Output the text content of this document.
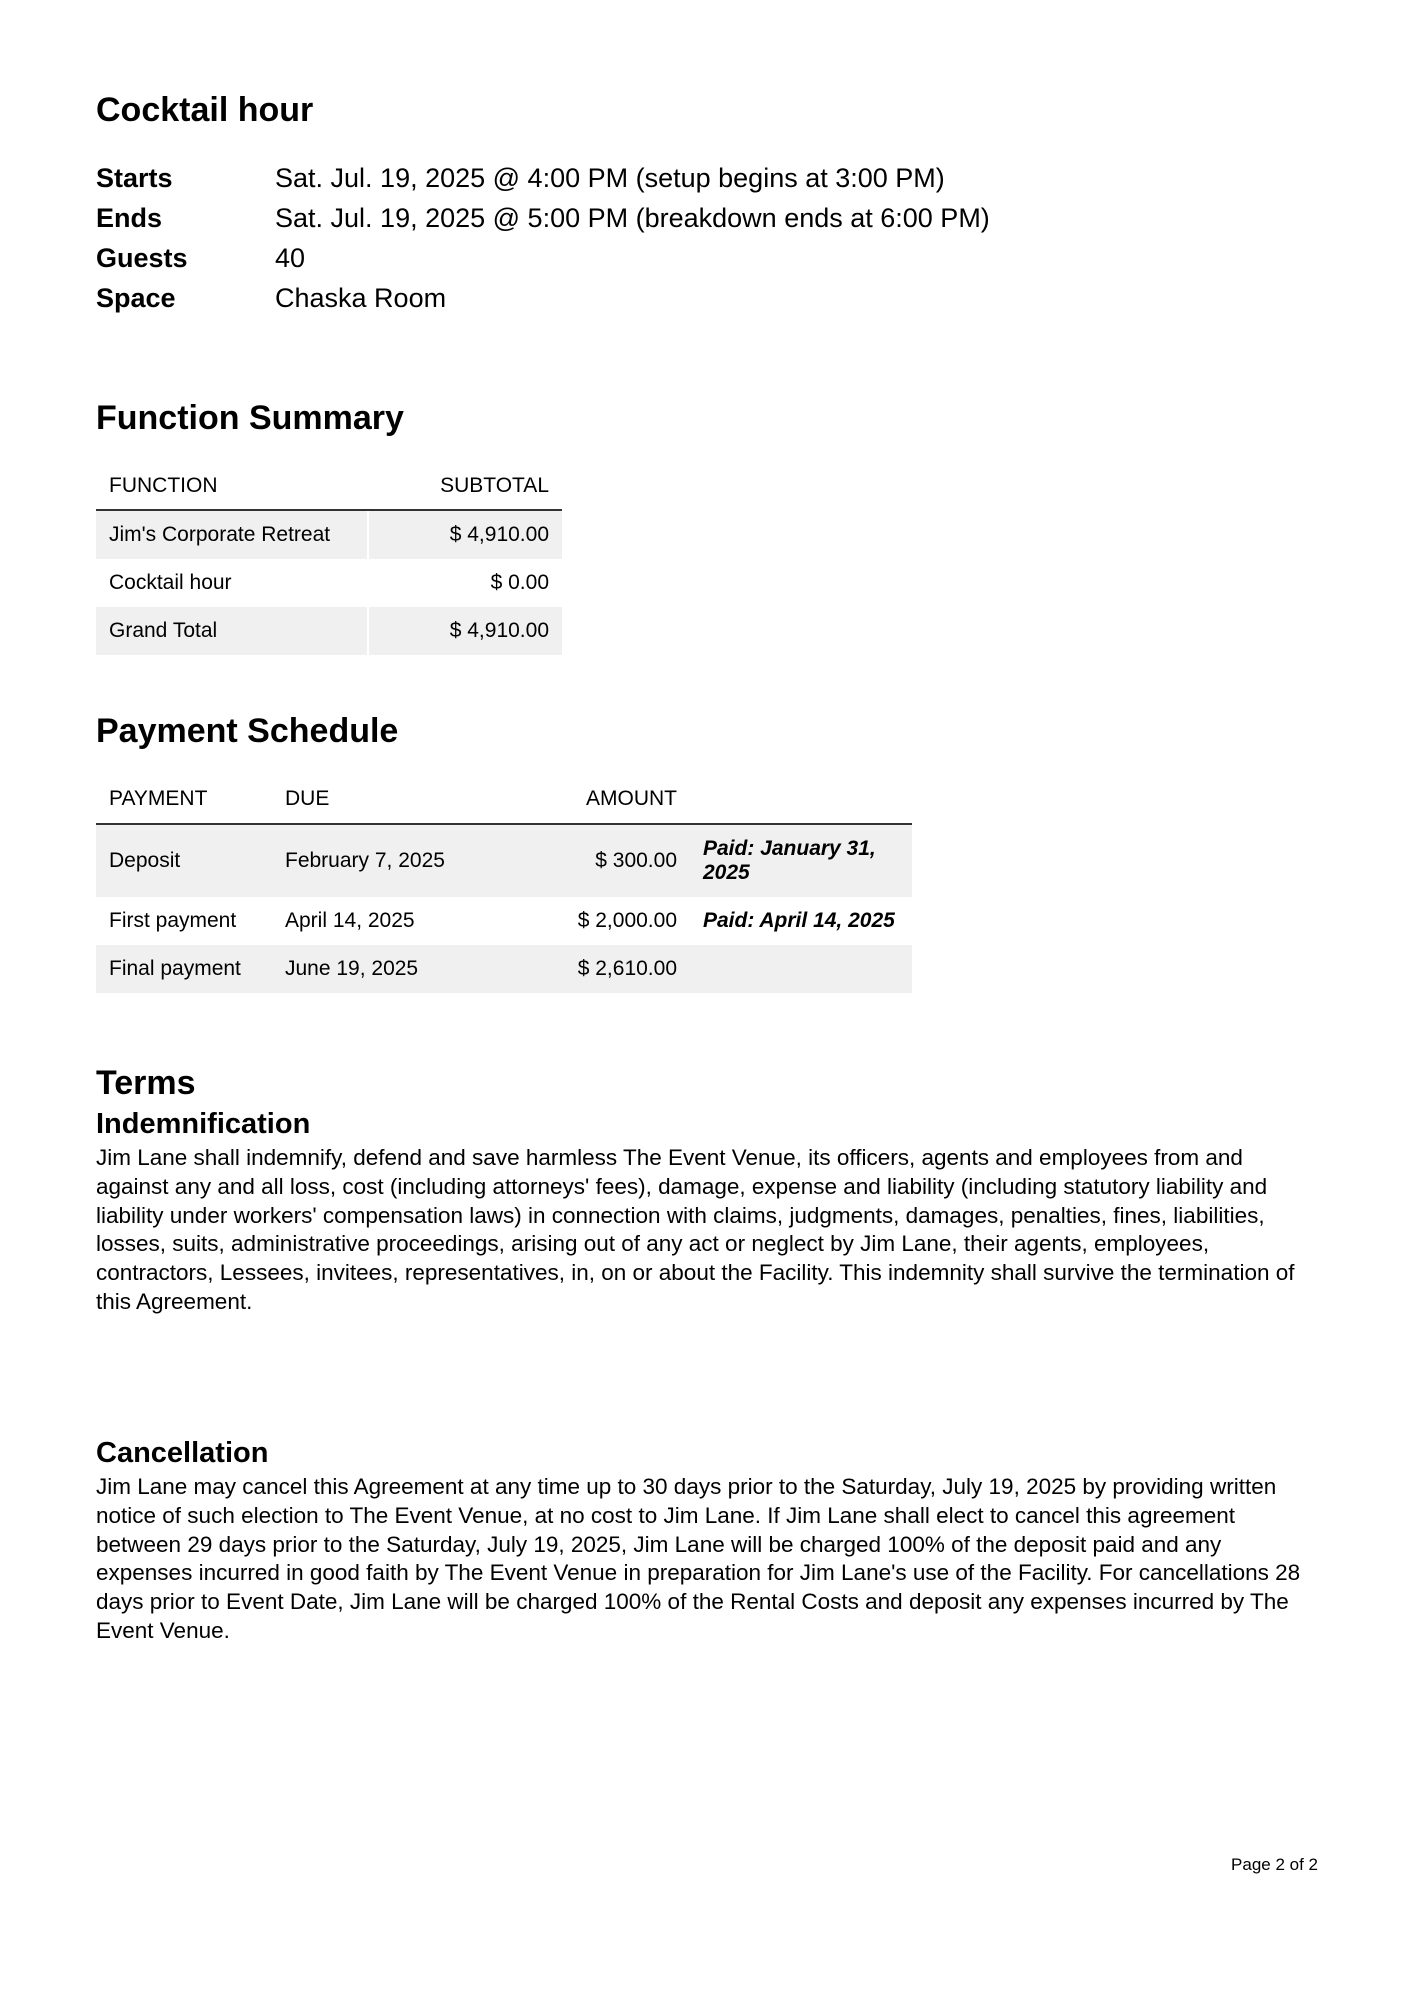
Cocktail hour
Starts	Sat. Jul. 19, 2025 @ 4:00 PM (setup begins at 3:00 PM)
Ends	Sat. Jul. 19, 2025 @ 5:00 PM (breakdown ends at 6:00 PM)
Guests	40
Space	Chaska Room
Function Summary
FUNCTION	SUBTOTAL
Jim's Corporate Retreat	$ 4,910.00
Cocktail hour	$ 0.00
Grand Total	$ 4,910.00
Payment Schedule
PAYMENT	DUE	AMOUNT	
Deposit	February 7, 2025	$ 300.00	Paid: January 31, 2025
First payment	April 14, 2025	$ 2,000.00	Paid: April 14, 2025
Final payment	June 19, 2025	$ 2,610.00	
Terms
Indemnification

Jim Lane shall indemnify, defend and save harmless The Event Venue, its officers, agents and employees from and against any and all loss, cost (including attorneys' fees), damage, expense and liability (including statutory liability and liability under workers' compensation laws) in connection with claims, judgments, damages, penalties, fines, liabilities, losses, suits, administrative proceedings, arising out of any act or neglect by Jim Lane, their agents, employees, contractors, Lessees, invitees, representatives, in, on or about the Facility. This indemnity shall survive the termination of this Agreement.

Cancellation

Jim Lane may cancel this Agreement at any time up to 30 days prior to the Saturday, July 19, 2025 by providing written notice of such election to The Event Venue, at no cost to Jim Lane. If Jim Lane shall elect to cancel this agreement between 29 days prior to the Saturday, July 19, 2025, Jim Lane will be charged 100% of the deposit paid and any expenses incurred in good faith by The Event Venue in preparation for Jim Lane's use of the Facility. For cancellations 28 days prior to Event Date, Jim Lane will be charged 100% of the Rental Costs and deposit any expenses incurred by The Event Venue.

Page 2 of 2
